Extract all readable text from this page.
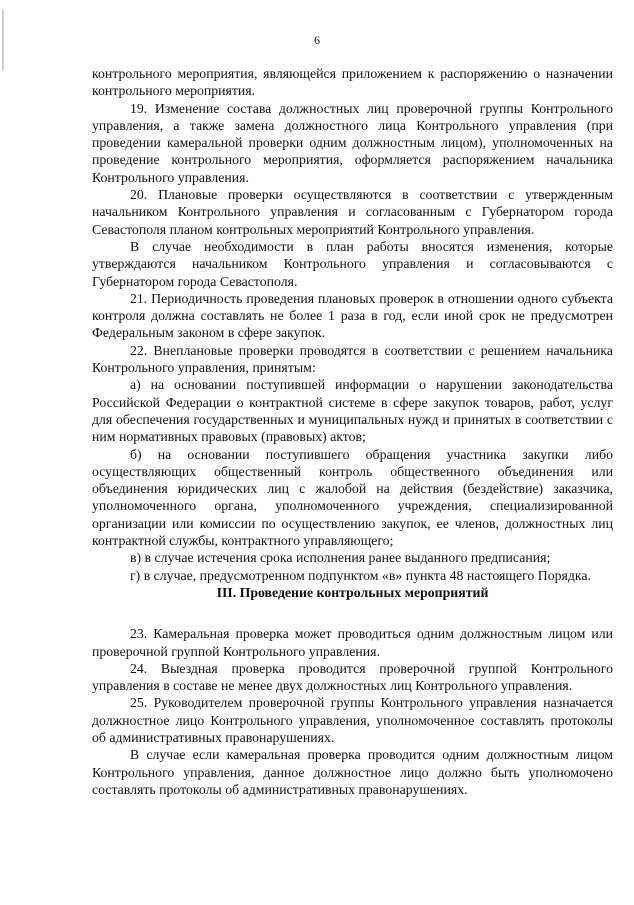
6

контрольного мероприятия, являющейся приложением к распоряжению о назначении контрольного мероприятия.

19. Изменение состава должностных лиц проверочной группы Контрольного управления, а также замена должностного лица Контрольного управления (при проведении камеральной проверки одним должностным лицом), уполномоченных на проведение контрольного мероприятия, оформляется распоряжением начальника Контрольного управления.

20. Плановые проверки осуществляются в соответствии с утвержденным начальником Контрольного управления и согласованным с Губернатором города Севастополя планом контрольных мероприятий Контрольного управления.

В случае необходимости в план работы вносятся изменения, которые утверждаются начальником Контрольного управления и согласовываются с Губернатором города Севастополя.

21. Периодичность проведения плановых проверок в отношении одного субъекта контроля должна составлять не более 1 раза в год, если иной срок не предусмотрен Федеральным законом в сфере закупок.

22. Внеплановые проверки проводятся в соответствии с решением начальника Контрольного управления, принятым:

а) на основании поступившей информации о нарушении законодательства Российской Федерации о контрактной системе в сфере закупок товаров, работ, услуг для обеспечения государственных и муниципальных нужд и принятых в соответствии с ним нормативных правовых (правовых) актов;

б) на основании поступившего обращения участника закупки либо осуществляющих общественный контроль общественного объединения или объединения юридических лиц с жалобой на действия (бездействие) заказчика, уполномоченного органа, уполномоченного учреждения, специализированной организации или комиссии по осуществлению закупок, ее членов, должностных лиц контрактной службы, контрактного управляющего;

в) в случае истечения срока исполнения ранее выданного предписания;

г) в случае, предусмотренном подпунктом «в» пункта 48 настоящего Порядка.

III. Проведение контрольных мероприятий

23. Камеральная проверка может проводиться одним должностным лицом или проверочной группой Контрольного управления.

24. Выездная проверка проводится проверочной группой Контрольного управления в составе не менее двух должностных лиц Контрольного управления.

25. Руководителем проверочной группы Контрольного управления назначается должностное лицо Контрольного управления, уполномоченное составлять протоколы об административных правонарушениях.

В случае если камеральная проверка проводится одним должностным лицом Контрольного управления, данное должностное лицо должно быть уполномочено составлять протоколы об административных правонарушениях.
